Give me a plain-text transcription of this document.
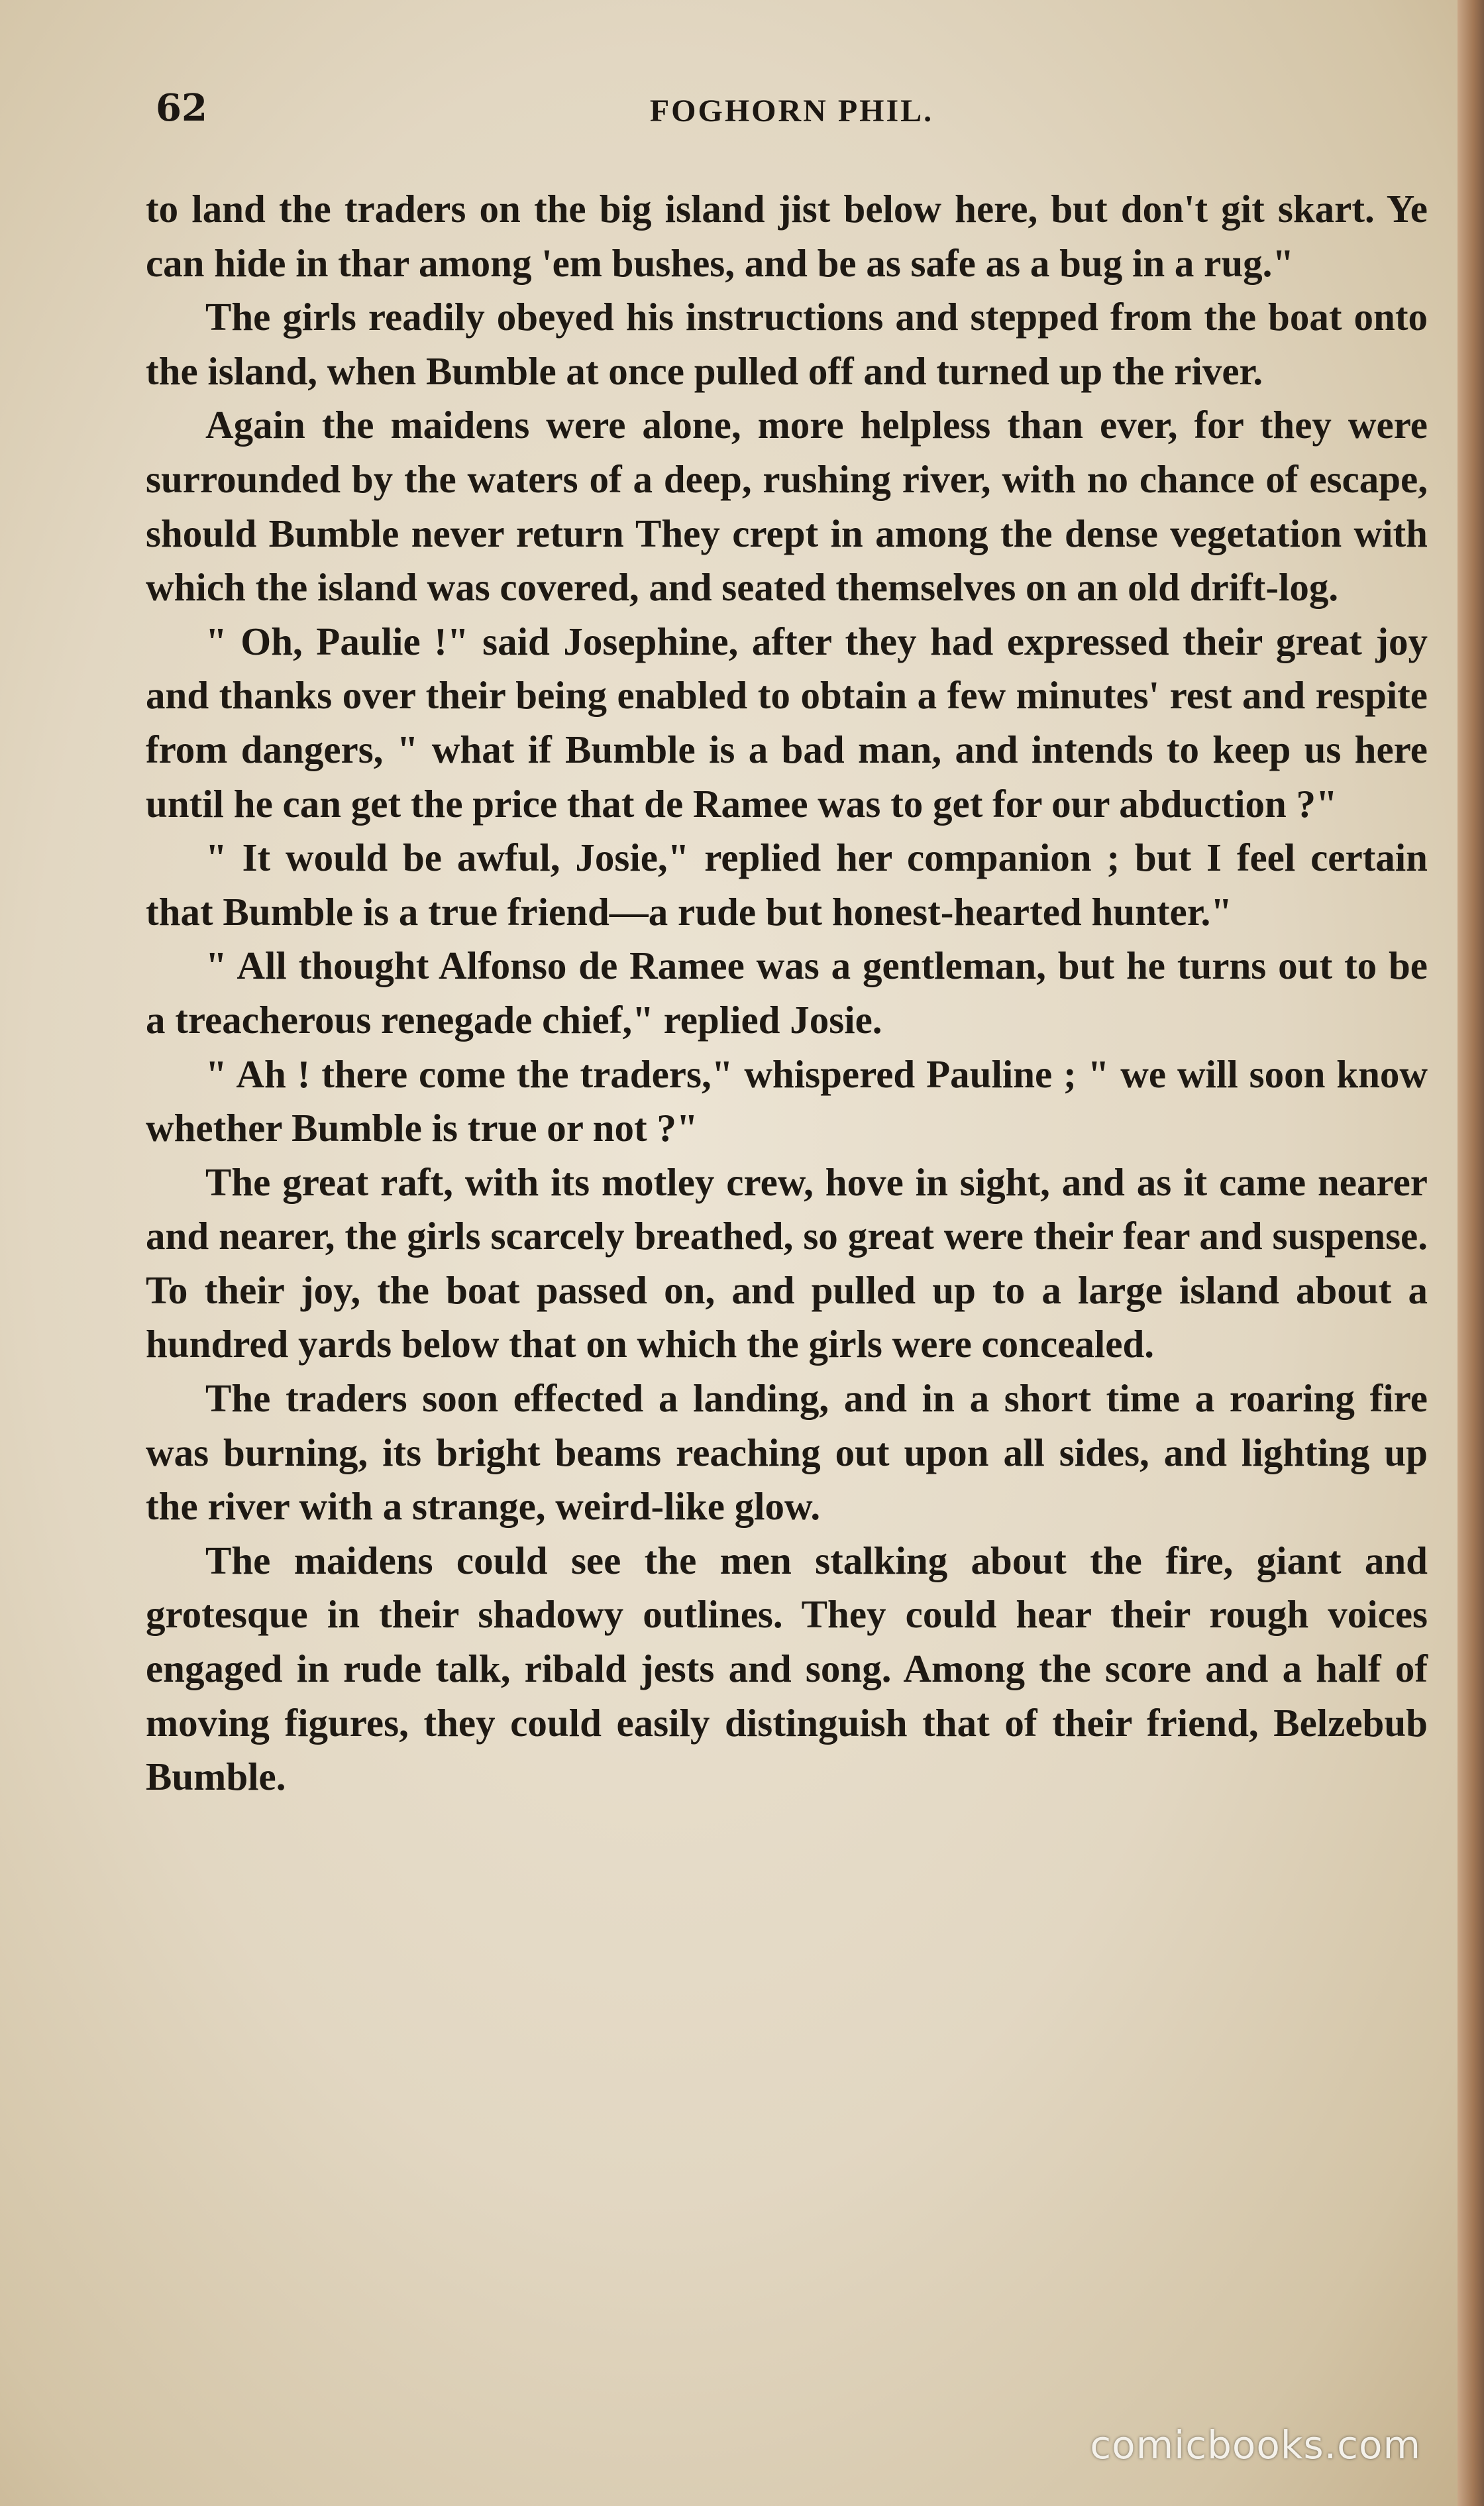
62	FOGHORN PHIL.

to land the traders on the big island jist below here, but don't git skart. Ye can hide in thar among 'em bushes, and be as safe as a bug in a rug."

The girls readily obeyed his instructions and stepped from the boat onto the island, when Bumble at once pulled off and turned up the river.

Again the maidens were alone, more helpless than ever, for they were surrounded by the waters of a deep, rushing river, with no chance of escape, should Bumble never return They crept in among the dense vegetation with which the island was covered, and seated themselves on an old drift-log.

" Oh, Paulie !" said Josephine, after they had expressed their great joy and thanks over their being enabled to obtain a few minutes' rest and respite from dangers, " what if Bumble is a bad man, and intends to keep us here until he can get the price that de Ramee was to get for our abduction ?"

" It would be awful, Josie," replied her companion ; but I feel certain that Bumble is a true friend—a rude but honest-hearted hunter."

" All thought Alfonso de Ramee was a gentleman, but he turns out to be a treacherous renegade chief," replied Josie.

" Ah ! there come the traders," whispered Pauline ; " we will soon know whether Bumble is true or not ?"

The great raft, with its motley crew, hove in sight, and as it came nearer and nearer, the girls scarcely breathed, so great were their fear and suspense. To their joy, the boat passed on, and pulled up to a large island about a hundred yards below that on which the girls were concealed.

The traders soon effected a landing, and in a short time a roaring fire was burning, its bright beams reaching out upon all sides, and lighting up the river with a strange, weird-like glow.

The maidens could see the men stalking about the fire, giant and grotesque in their shadowy outlines. They could hear their rough voices engaged in rude talk, ribald jests and song. Among the score and a half of moving figures, they could easily distinguish that of their friend, Belzebub Bumble.

comicbooks.com
